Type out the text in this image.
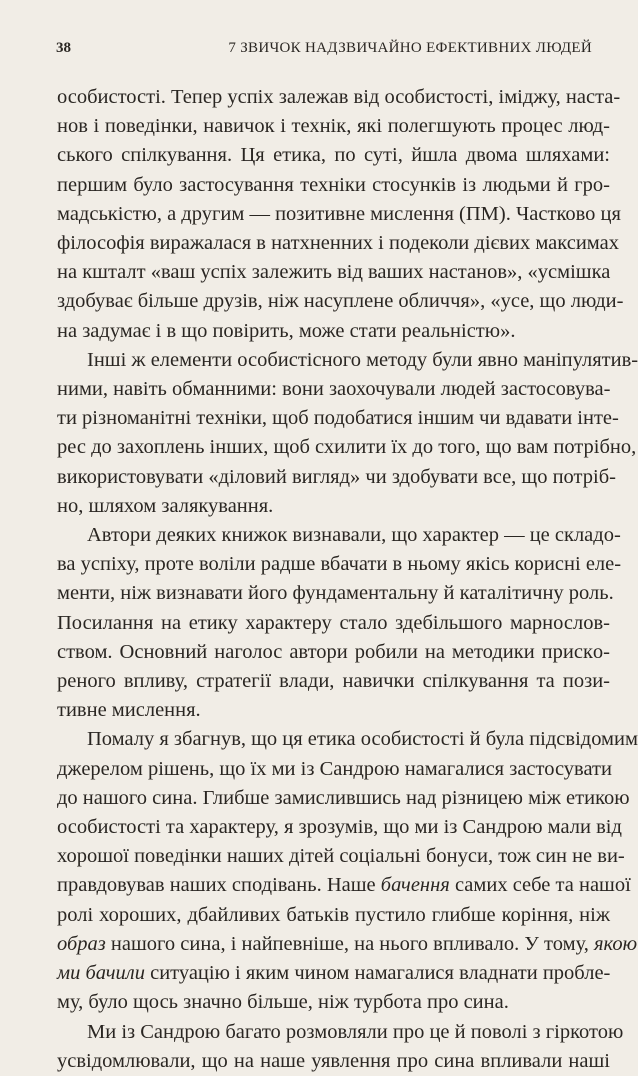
38	7 ЗВИЧОК НАДЗВИЧАЙНО ЕФЕКТИВНИХ ЛЮДЕЙ
особистості. Тепер успіх залежав від особистості, іміджу, наста-
нов і поведінки, навичок і технік, які полегшують процес люд-
ського спілкування. Ця етика, по суті, йшла двома шляхами:
першим було застосування техніки стосунків із людьми й гро-
мадськістю, а другим — позитивне мислення (ПМ). Частково ця
філософія виражалася в натхненних і подеколи дієвих максимах
на кшталт «ваш успіх залежить від ваших настанов», «усмішка
здобуває більше друзів, ніж насуплене обличчя», «усе, що люди-
на задумає і в що повірить, може стати реальністю».
Інші ж елементи особистісного методу були явно маніпулятив-
ними, навіть обманними: вони заохочували людей застосовува-
ти різноманітні техніки, щоб подобатися іншим чи вдавати інте-
рес до захоплень інших, щоб схилити їх до того, що вам потрібно,
використовувати «діловий вигляд» чи здобувати все, що потріб-
но, шляхом залякування.
Автори деяких книжок визнавали, що характер — це складо-
ва успіху, проте воліли радше вбачати в ньому якісь корисні еле-
менти, ніж визнавати його фундаментальну й каталітичну роль.
Посилання на етику характеру стало здебільшого марнослов-
ством. Основний наголос автори робили на методики прискo-
реного впливу, стратегії влади, навички спілкування та пози-
тивне мислення.
Помалу я збагнув, що ця етика особистості й була підсвідомим
джерелом рішень, що їх ми із Сандрою намагалися застосувати
до нашого сина. Глибше замислившись над різницею між етикою
особистості та характеру, я зрозумів, що ми із Сандрою мали від
хорошої поведінки наших дітей соціальні бонуси, тож син не ви-
правдовував наших сподівань. Наше бачення самих себе та нашої
ролі хороших, дбайливих батьків пустило глибше коріння, ніж
образ нашого сина, і найпевніше, на нього впливало. У тому, якою
ми бачили ситуацію і яким чином намагалися владнати пробле-
му, було щось значно більше, ніж турбота про сина.
Ми із Сандрою багато розмовляли про це й поволі з гіркотою
усвідомлювали, що на наше уявлення про сина впливали наші
